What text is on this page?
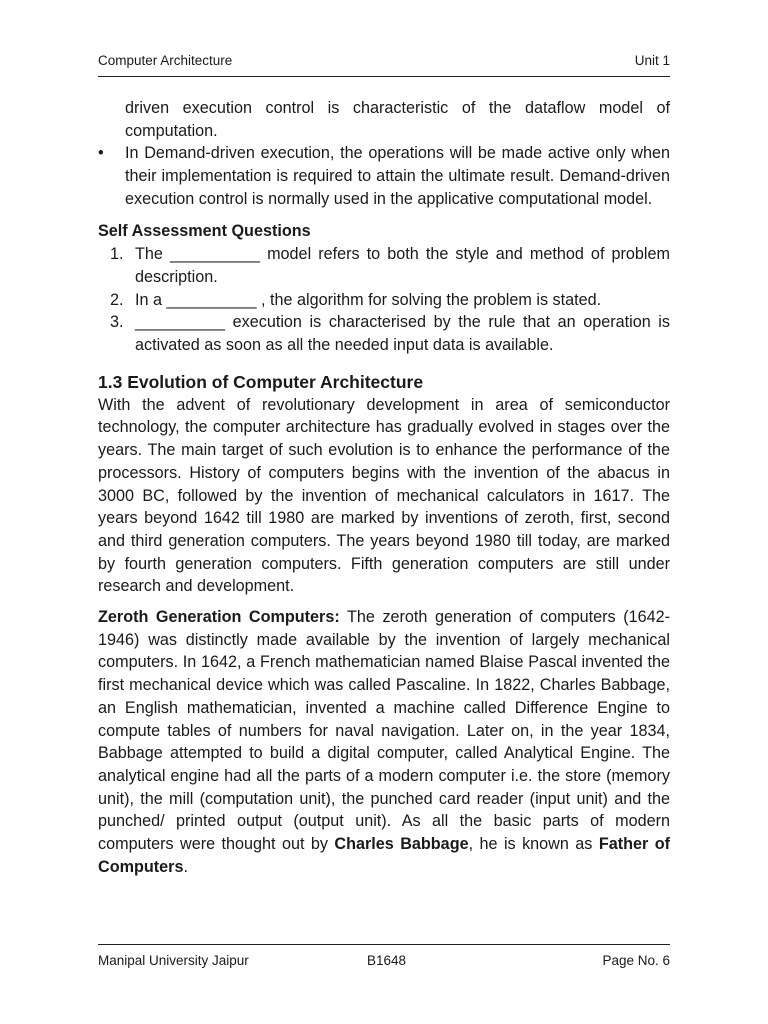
Computer Architecture	Unit 1

driven execution control is characteristic of the dataflow model of computation.

•	In Demand-driven execution, the operations will be made active only when their implementation is required to attain the ultimate result. Demand-driven execution control is normally used in the applicative computational model.
Self Assessment Questions
1. The __________ model refers to both the style and method of problem description.
2. In a __________ , the algorithm for solving the problem is stated.
3. __________ execution is characterised by the rule that an operation is activated as soon as all the needed input data is available.
1.3 Evolution of Computer Architecture

With the advent of revolutionary development in area of semiconductor technology, the computer architecture has gradually evolved in stages over the years. The main target of such evolution is to enhance the performance of the processors. History of computers begins with the invention of the abacus in 3000 BC, followed by the invention of mechanical calculators in 1617. The years beyond 1642 till 1980 are marked by inventions of zeroth, first, second and third generation computers. The years beyond 1980 till today, are marked by fourth generation computers. Fifth generation computers are still under research and development.

Zeroth Generation Computers: The zeroth generation of computers (1642-1946) was distinctly made available by the invention of largely mechanical computers. In 1642, a French mathematician named Blaise Pascal invented the first mechanical device which was called Pascaline. In 1822, Charles Babbage, an English mathematician, invented a machine called Difference Engine to compute tables of numbers for naval navigation. Later on, in the year 1834, Babbage attempted to build a digital computer, called Analytical Engine. The analytical engine had all the parts of a modern computer i.e. the store (memory unit), the mill (computation unit), the punched card reader (input unit) and the punched/ printed output (output unit). As all the basic parts of modern computers were thought out by Charles Babbage, he is known as Father of Computers.

Manipal University Jaipur	B1648	Page No. 6
